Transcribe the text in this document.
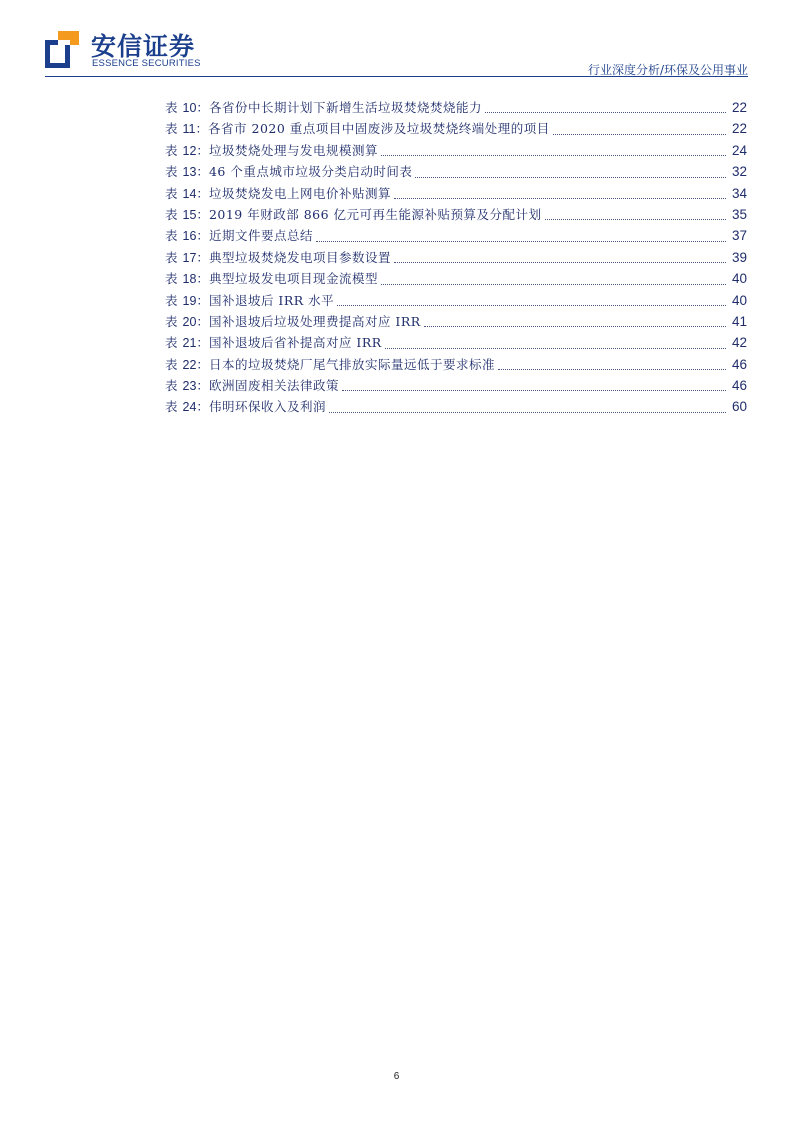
安信证券
ESSENCE SECURITIES	行业深度分析/环保及公用事业
表 10： 各省份中长期计划下新增生活垃圾焚烧焚烧能力	22
表 11： 各省市 2020 重点项目中固废涉及垃圾焚烧终端处理的项目	22
表 12： 垃圾焚烧处理与发电规模测算	24
表 13： 46 个重点城市垃圾分类启动时间表	32
表 14： 垃圾焚烧发电上网电价补贴测算	34
表 15： 2019 年财政部 866 亿元可再生能源补贴预算及分配计划	35
表 16： 近期文件要点总结	37
表 17： 典型垃圾焚烧发电项目参数设置	39
表 18： 典型垃圾发电项目现金流模型	40
表 19： 国补退坡后 IRR 水平	40
表 20： 国补退坡后垃圾处理费提高对应 IRR	41
表 21： 国补退坡后省补提高对应 IRR	42
表 22： 日本的垃圾焚烧厂尾气排放实际量远低于要求标准	46
表 23： 欧洲固废相关法律政策	46
表 24： 伟明环保收入及利润	60
6
